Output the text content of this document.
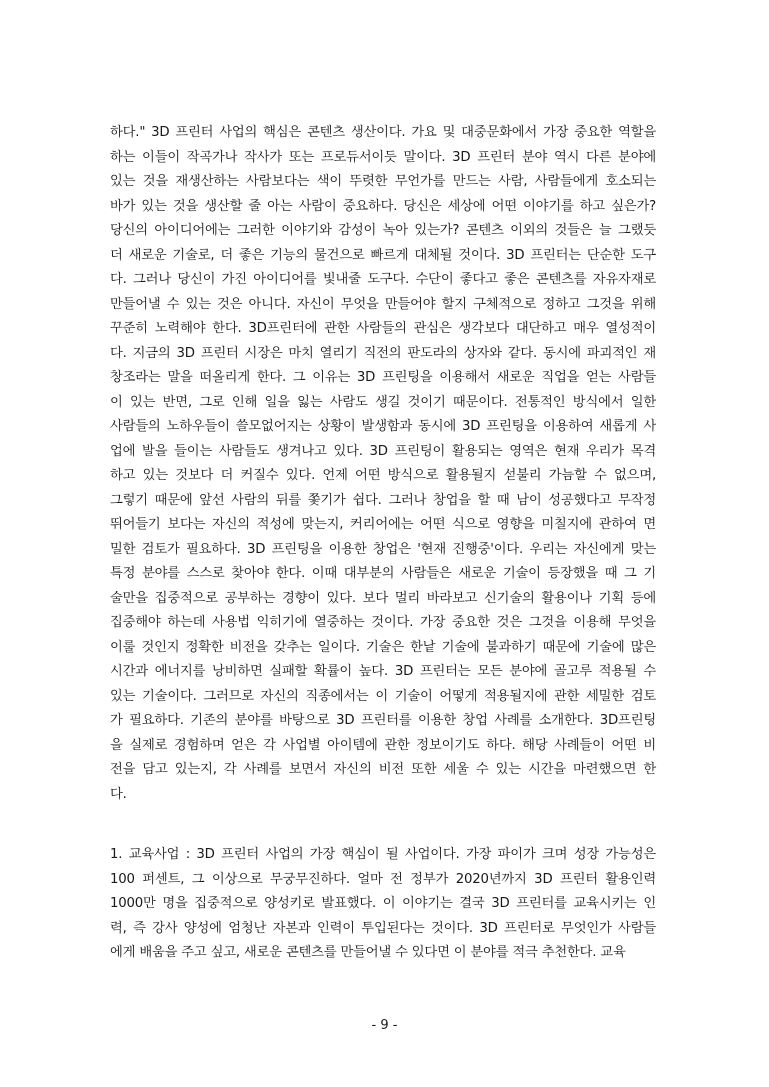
하다." 3D 프린터 사업의 핵심은 콘텐츠 생산이다. 가요 및 대중문화에서 가장 중요한 역할을
하는 이들이 작곡가나 작사가 또는 프로듀서이듯 말이다. 3D 프린터 분야 역시 다른 분야에
있는 것을 재생산하는 사람보다는 색이 뚜렷한 무언가를 만드는 사람, 사람들에게 호소되는
바가 있는 것을 생산할 줄 아는 사람이 중요하다. 당신은 세상에 어떤 이야기를 하고 싶은가?
당신의 아이디어에는 그러한 이야기와 감성이 녹아 있는가? 콘텐츠 이외의 것들은 늘 그랬듯
더 새로운 기술로, 더 좋은 기능의 물건으로 빠르게 대체될 것이다. 3D 프린터는 단순한 도구
다. 그러나 당신이 가진 아이디어를 빛내줄 도구다. 수단이 좋다고 좋은 콘텐츠를 자유자재로
만들어낼 수 있는 것은 아니다. 자신이 무엇을 만들어야 할지 구체적으로 정하고 그것을 위해
꾸준히 노력해야 한다. 3D프린터에 관한 사람들의 관심은 생각보다 대단하고 매우 열성적이
다. 지금의 3D 프린터 시장은 마치 열리기 직전의 판도라의 상자와 같다. 동시에 파괴적인 재
창조라는 말을 떠올리게 한다. 그 이유는 3D 프린팅을 이용해서 새로운 직업을 얻는 사람들
이 있는 반면, 그로 인해 일을 잃는 사람도 생길 것이기 때문이다. 전통적인 방식에서 일한
사람들의 노하우들이 쓸모없어지는 상황이 발생함과 동시에 3D 프린팅을 이용하여 새롭게 사
업에 발을 들이는 사람들도 생겨나고 있다. 3D 프린팅이 활용되는 영역은 현재 우리가 목격
하고 있는 것보다 더 커질수 있다. 언제 어떤 방식으로 활용될지 섣불리 가늠할 수 없으며,
그렇기 때문에 앞선 사람의 뒤를 쫓기가 쉽다. 그러나 창업을 할 때 남이 성공했다고 무작정
뛰어들기 보다는 자신의 적성에 맞는지, 커리어에는 어떤 식으로 영향을 미칠지에 관하여 면
밀한 검토가 필요하다. 3D 프린팅을 이용한 창업은 '현재 진행중'이다. 우리는 자신에게 맞는
특정 분야를 스스로 찾아야 한다. 이때 대부분의 사람들은 새로운 기술이 등장했을 때 그 기
술만을 집중적으로 공부하는 경향이 있다. 보다 멀리 바라보고 신기술의 활용이나 기획 등에
집중해야 하는데 사용법 익히기에 열중하는 것이다. 가장 중요한 것은 그것을 이용해 무엇을
이룰 것인지 정확한 비전을 갖추는 일이다. 기술은 한낱 기술에 불과하기 때문에 기술에 많은
시간과 에너지를 낭비하면 실패할 확률이 높다. 3D 프린터는 모든 분야에 골고루 적용될 수
있는 기술이다. 그러므로 자신의 직종에서는 이 기술이 어떻게 적용될지에 관한 세밀한 검토
가 필요하다. 기존의 분야를 바탕으로 3D 프린터를 이용한 창업 사례를 소개한다. 3D프린팅
을 실제로 경험하며 얻은 각 사업별 아이템에 관한 정보이기도 하다. 해당 사례들이 어떤 비
전을 담고 있는지, 각 사례를 보면서 자신의 비전 또한 세울 수 있는 시간을 마련했으면 한
다.
1. 교육사업 : 3D 프린터 사업의 가장 핵심이 될 사업이다. 가장 파이가 크며 성장 가능성은
100 퍼센트, 그 이상으로 무궁무진하다. 얼마 전 정부가 2020년까지 3D 프린터 활용인력
1000만 명을 집중적으로 양성키로 발표했다. 이 이야기는 결국 3D 프린터를 교육시키는 인
력, 즉 강사 양성에 엄청난 자본과 인력이 투입된다는 것이다. 3D 프린터로 무엇인가 사람들
에게 배움을 주고 싶고, 새로운 콘텐츠를 만들어낼 수 있다면 이 분야를 적극 추천한다. 교육
- 9 -
